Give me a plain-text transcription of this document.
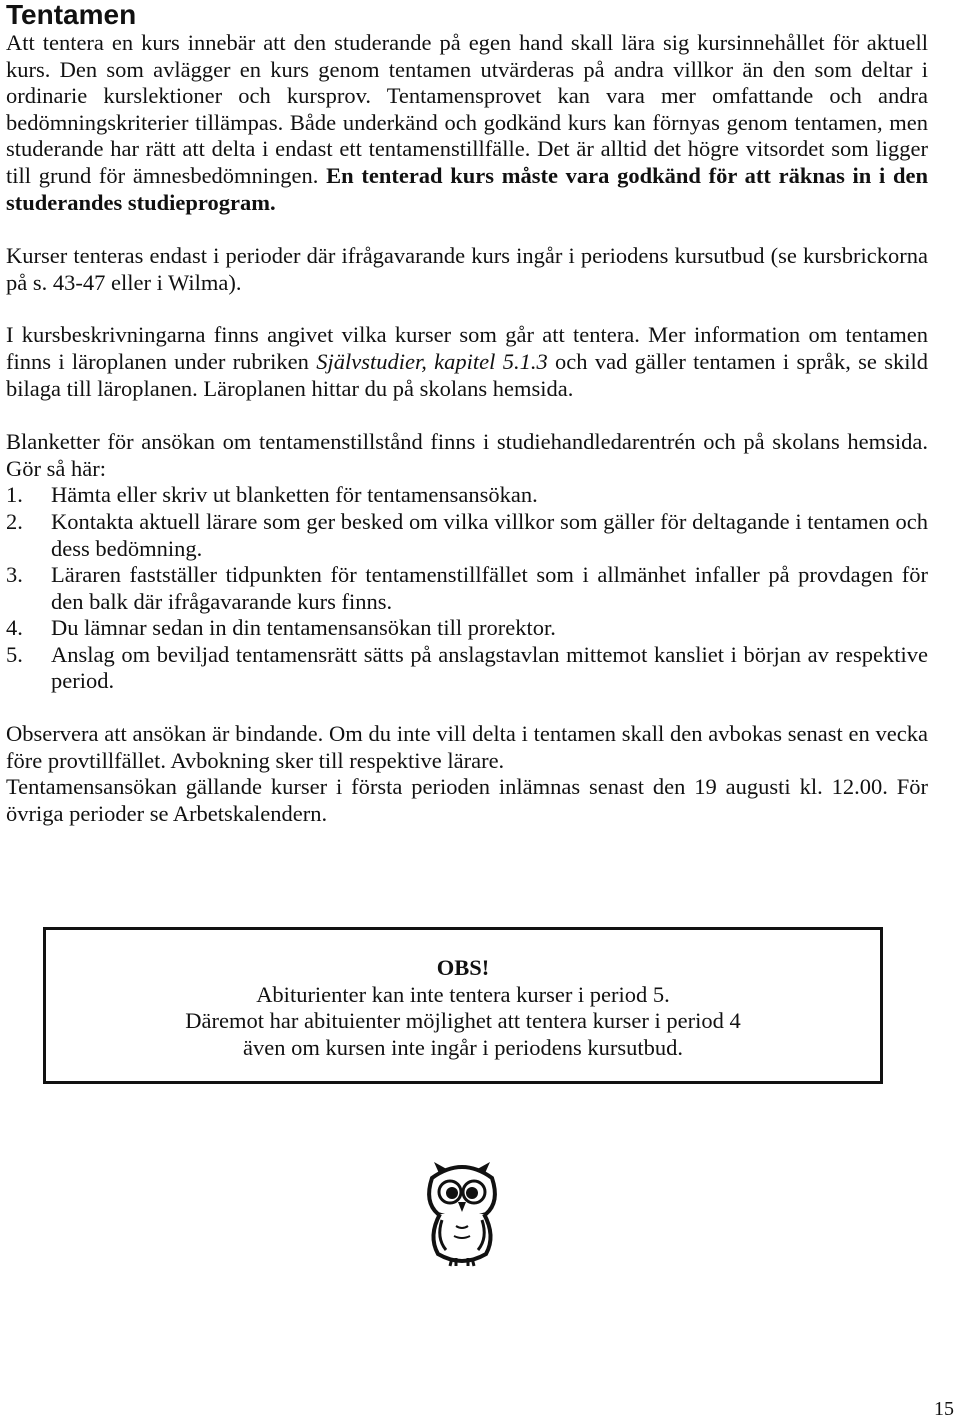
Tentamen

Att tentera en kurs innebär att den studerande på egen hand skall lära sig kursinnehållet för aktuell kurs. Den som avlägger en kurs genom tentamen utvärderas på andra villkor än den som deltar i ordinarie kurslektioner och kursprov. Tentamensprovet kan vara mer omfattande och andra bedömningskriterier tillämpas. Både underkänd och godkänd kurs kan förnyas genom tentamen, men studerande har rätt att delta i endast ett tentamenstillfälle. Det är alltid det högre vitsordet som ligger till grund för ämnesbedömningen. En tenterad kurs måste vara godkänd för att räknas in i den studerandes studieprogram.

Kurser tenteras endast i perioder där ifrågavarande kurs ingår i periodens kursutbud (se kursbrickorna på s. 43-47 eller i Wilma).

I kursbeskrivningarna finns angivet vilka kurser som går att tentera. Mer information om tentamen finns i läroplanen under rubriken Självstudier, kapitel 5.1.3 och vad gäller tentamen i språk, se skild bilaga till läroplanen. Läroplanen hittar du på skolans hemsida.

Blanketter för ansökan om tentamenstillstånd finns i studiehandledarentrén och på skolans hemsida. Gör så här:

1.	Hämta eller skriv ut blanketten för tentamensansökan.
2.	Kontakta aktuell lärare som ger besked om vilka villkor som gäller för deltagande i tentamen och dess bedömning.
3.	Läraren fastställer tidpunkten för tentamenstillfället som i allmänhet infaller på provdagen för den balk där ifrågavarande kurs finns.
4.	Du lämnar sedan in din tentamensansökan till prorektor.
5.	Anslag om beviljad tentamensrätt sätts på anslagstavlan mittemot kansliet i början av respektive period.

Observera att ansökan är bindande. Om du inte vill delta i tentamen skall den avbokas senast en vecka före provtillfället. Avbokning sker till respektive lärare.

Tentamensansökan gällande kurser i första perioden inlämnas senast den 19 augusti kl. 12.00. För övriga perioder se Arbetskalendern.

OBS!
Abiturienter kan inte tentera kurser i period 5.
Däremot har abituienter möjlighet att tentera kurser i period 4
även om kursen inte ingår i periodens kursutbud.
15
